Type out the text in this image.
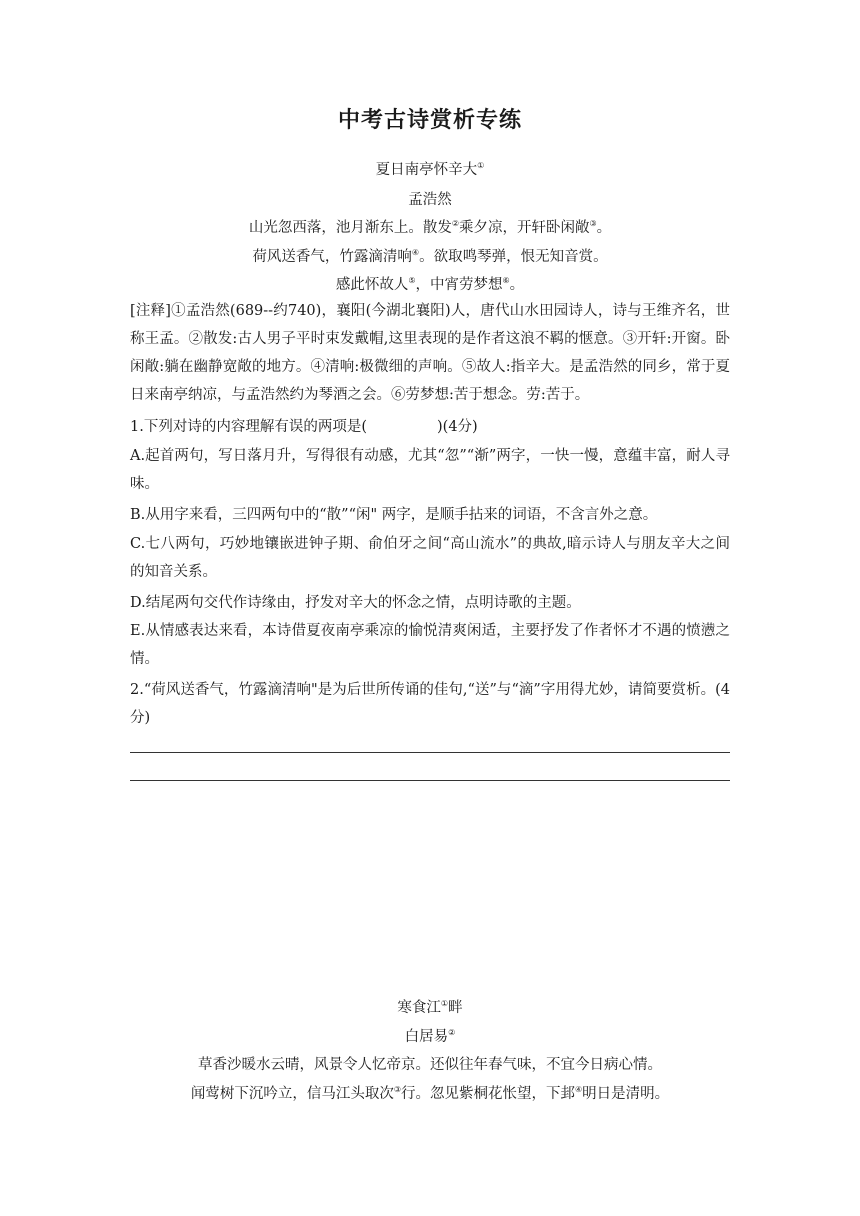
中考古诗赏析专练
夏日南亭怀辛大①
孟浩然
山光忽西落，池月渐东上。散发②乘夕凉，开轩卧闲敞③。
荷风送香气，竹露滴清响④。欲取鸣琴弹，恨无知音赏。
感此怀故人⑤，中宵劳梦想⑥。
[注释]①孟浩然(689--约740)，襄阳(今湖北襄阳)人，唐代山水田园诗人，诗与王维齐名，世称王孟。②散发:古人男子平时束发戴帽,这里表现的是作者这浪不羁的惬意。③开轩:开窗。卧闲敞:躺在幽静宽敞的地方。④清响:极微细的声响。⑤故人:指辛大。是孟浩然的同乡，常于夏日来南亭纳凉，与孟浩然约为琴酒之会。⑥劳梦想:苦于想念。劳:苦于。
1.下列对诗的内容理解有误的两项是(	)(4分)
A.起首两句，写日落月升，写得很有动感，尤其“忽”“渐”两字，一快一慢，意蕴丰富，耐人寻味。
B.从用字来看，三四两句中的“散”“闲" 两字，是顺手拈来的词语，不含言外之意。
C.七八两句，巧妙地镶嵌进钟子期、俞伯牙之间“高山流水”的典故,暗示诗人与朋友辛大之间的知音关系。
D.结尾两句交代作诗缘由，抒发对辛大的怀念之情，点明诗歌的主题。
E.从情感表达来看，本诗借夏夜南亭乘凉的愉悦清爽闲适，主要抒发了作者怀才不遇的愤懑之情。
2.“荷风送香气，竹露滴清响"是为后世所传诵的佳句,“送”与“滴”字用得尤妙，请简要赏析。(4分)
寒食江①畔
白居易②
草香沙暖水云晴，风景令人忆帝京。还似往年春气味，不宜今日病心情。
闻莺树下沉吟立，信马江头取次③行。忽见紫桐花怅望，下邽④明日是清明。
